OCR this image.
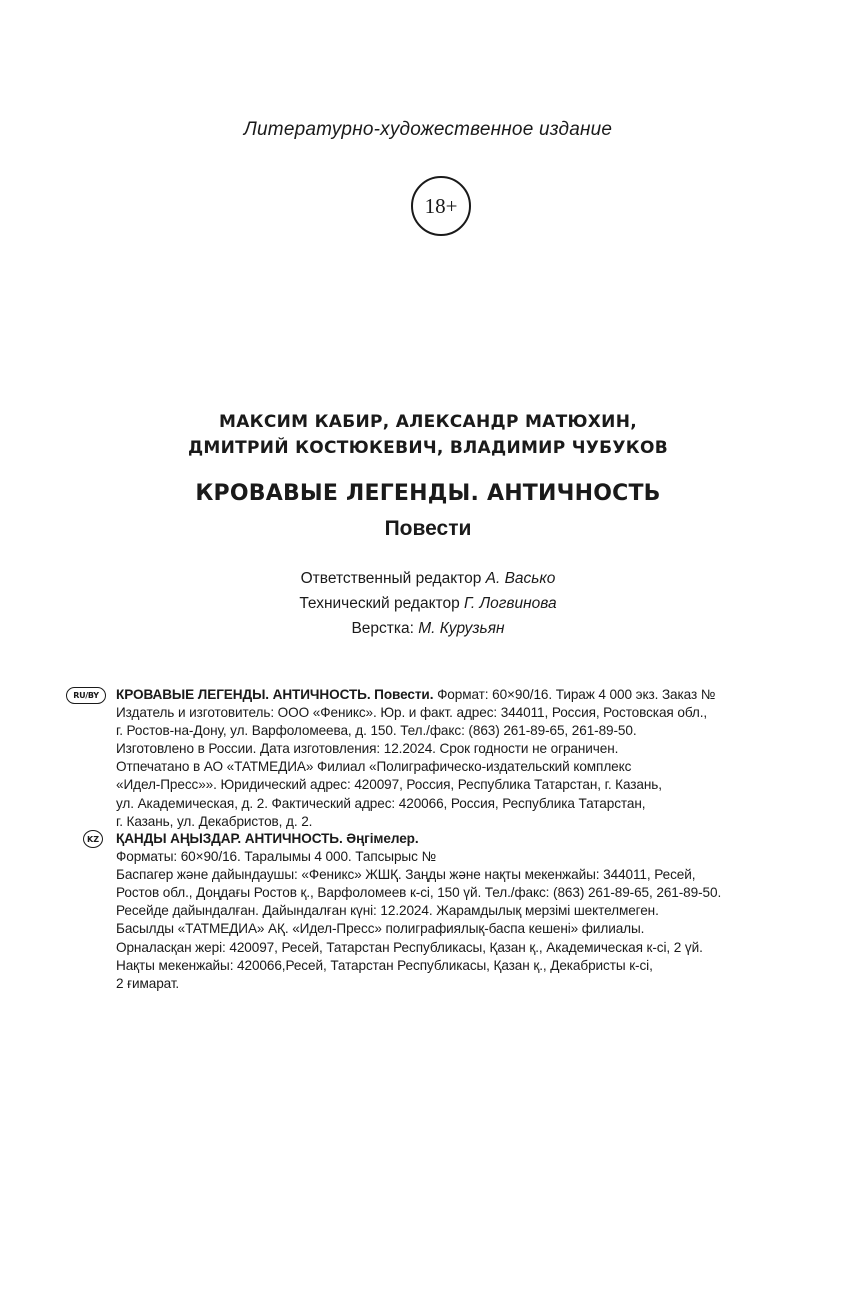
Литературно-художественное издание
18+
МАКСИМ КАБИР, АЛЕКСАНДР МАТЮХИН,
ДМИТРИЙ КОСТЮКЕВИЧ, ВЛАДИМИР ЧУБУКОВ
КРОВАВЫЕ ЛЕГЕНДЫ. АНТИЧНОСТЬ
Повести
Ответственный редактор А. Васько
Технический редактор Г. Логвинова
Верстка: М. Курузьян
RU/BY КРОВАВЫЕ ЛЕГЕНДЫ. АНТИЧНОСТЬ. Повести. Формат: 60×90/16. Тираж 4 000 экз. Заказ №
Издатель и изготовитель: ООО «Феникс». Юр. и факт. адрес: 344011, Россия, Ростовская обл.,
г. Ростов-на-Дону, ул. Варфоломеева, д. 150. Тел./факс: (863) 261-89-65, 261-89-50.
Изготовлено в России. Дата изготовления: 12.2024. Срок годности не ограничен.
Отпечатано в АО «ТАТМЕДИА» Филиал «Полиграфическо-издательский комплекс
«Идел-Пресс»». Юридический адрес: 420097, Россия, Республика Татарстан, г. Казань,
ул. Академическая, д. 2. Фактический адрес: 420066, Россия, Республика Татарстан,
г. Казань, ул. Декабристов, д. 2.
KZ ҚАНДЫ АҢЫЗДАР. АНТИЧНОСТЬ. Әңгімелер.
Форматы: 60×90/16. Таралымы 4 000. Тапсырыс №
Баспагер және дайындаушы: «Феникс» ЖШҚ. Заңды және нақты мекенжайы: 344011, Ресей,
Ростов обл., Доңдағы Ростов қ., Варфоломеев к-сі, 150 үй. Тел./факс: (863) 261-89-65, 261-89-50.
Ресейде дайындалған. Дайындалған күні: 12.2024. Жарамдылық мерзімі шектелмеген.
Басылды «ТАТМЕДИА» АҚ. «Идел-Пресс» полиграфиялық-баспа кешені» филиалы.
Орналасқан жері: 420097, Ресей, Татарстан Республикасы, Қазан қ., Академическая к-сі, 2 үй.
Нақты мекенжайы: 420066,Ресей, Татарстан Республикасы, Қазан қ., Декабристы к-сі,
2 ғимарат.
